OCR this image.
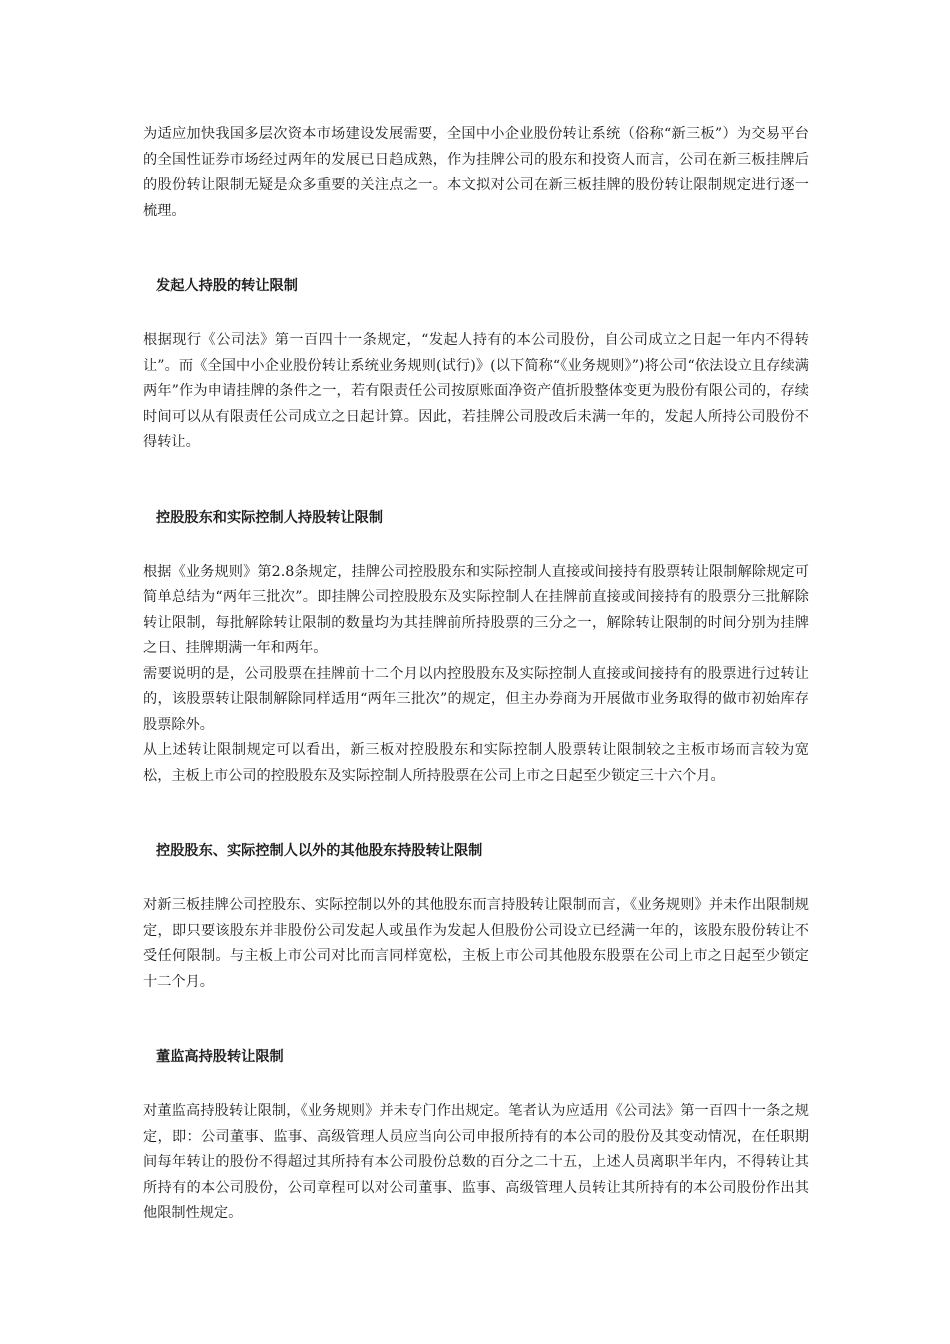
为适应加快我国多层次资本市场建设发展需要，全国中小企业股份转让系统（俗称“新三板”）为交易平台的全国性证券市场经过两年的发展已日趋成熟，作为挂牌公司的股东和投资人而言，公司在新三板挂牌后的股份转让限制无疑是众多重要的关注点之一。本文拟对公司在新三板挂牌的股份转让限制规定进行逐一梳理。

发起人持股的转让限制

根据现行《公司法》第一百四十一条规定，“发起人持有的本公司股份，自公司成立之日起一年内不得转让”。而《全国中小企业股份转让系统业务规则(试行)》(以下简称“《业务规则》”)将公司“依法设立且存续满两年”作为申请挂牌的条件之一，若有限责任公司按原账面净资产值折股整体变更为股份有限公司的，存续时间可以从有限责任公司成立之日起计算。因此，若挂牌公司股改后未满一年的，发起人所持公司股份不得转让。

控股股东和实际控制人持股转让限制

根据《业务规则》第2.8条规定，挂牌公司控股股东和实际控制人直接或间接持有股票转让限制解除规定可简单总结为“两年三批次”。即挂牌公司控股股东及实际控制人在挂牌前直接或间接持有的股票分三批解除转让限制，每批解除转让限制的数量均为其挂牌前所持股票的三分之一，解除转让限制的时间分别为挂牌之日、挂牌期满一年和两年。

需要说明的是，公司股票在挂牌前十二个月以内控股股东及实际控制人直接或间接持有的股票进行过转让的，该股票转让限制解除同样适用“两年三批次”的规定，但主办券商为开展做市业务取得的做市初始库存股票除外。

从上述转让限制规定可以看出，新三板对控股股东和实际控制人股票转让限制较之主板市场而言较为宽松，主板上市公司的控股股东及实际控制人所持股票在公司上市之日起至少锁定三十六个月。

控股股东、实际控制人以外的其他股东持股转让限制

对新三板挂牌公司控股东、实际控制以外的其他股东而言持股转让限制而言，《业务规则》并未作出限制规定，即只要该股东并非股份公司发起人或虽作为发起人但股份公司设立已经满一年的，该股东股份转让不受任何限制。与主板上市公司对比而言同样宽松，主板上市公司其他股东股票在公司上市之日起至少锁定十二个月。

董监高持股转让限制

对董监高持股转让限制，《业务规则》并未专门作出规定。笔者认为应适用《公司法》第一百四十一条之规定，即：公司董事、监事、高级管理人员应当向公司申报所持有的本公司的股份及其变动情况，在任职期间每年转让的股份不得超过其所持有本公司股份总数的百分之二十五，上述人员离职半年内，不得转让其所持有的本公司股份，公司章程可以对公司董事、监事、高级管理人员转让其所持有的本公司股份作出其他限制性规定。
